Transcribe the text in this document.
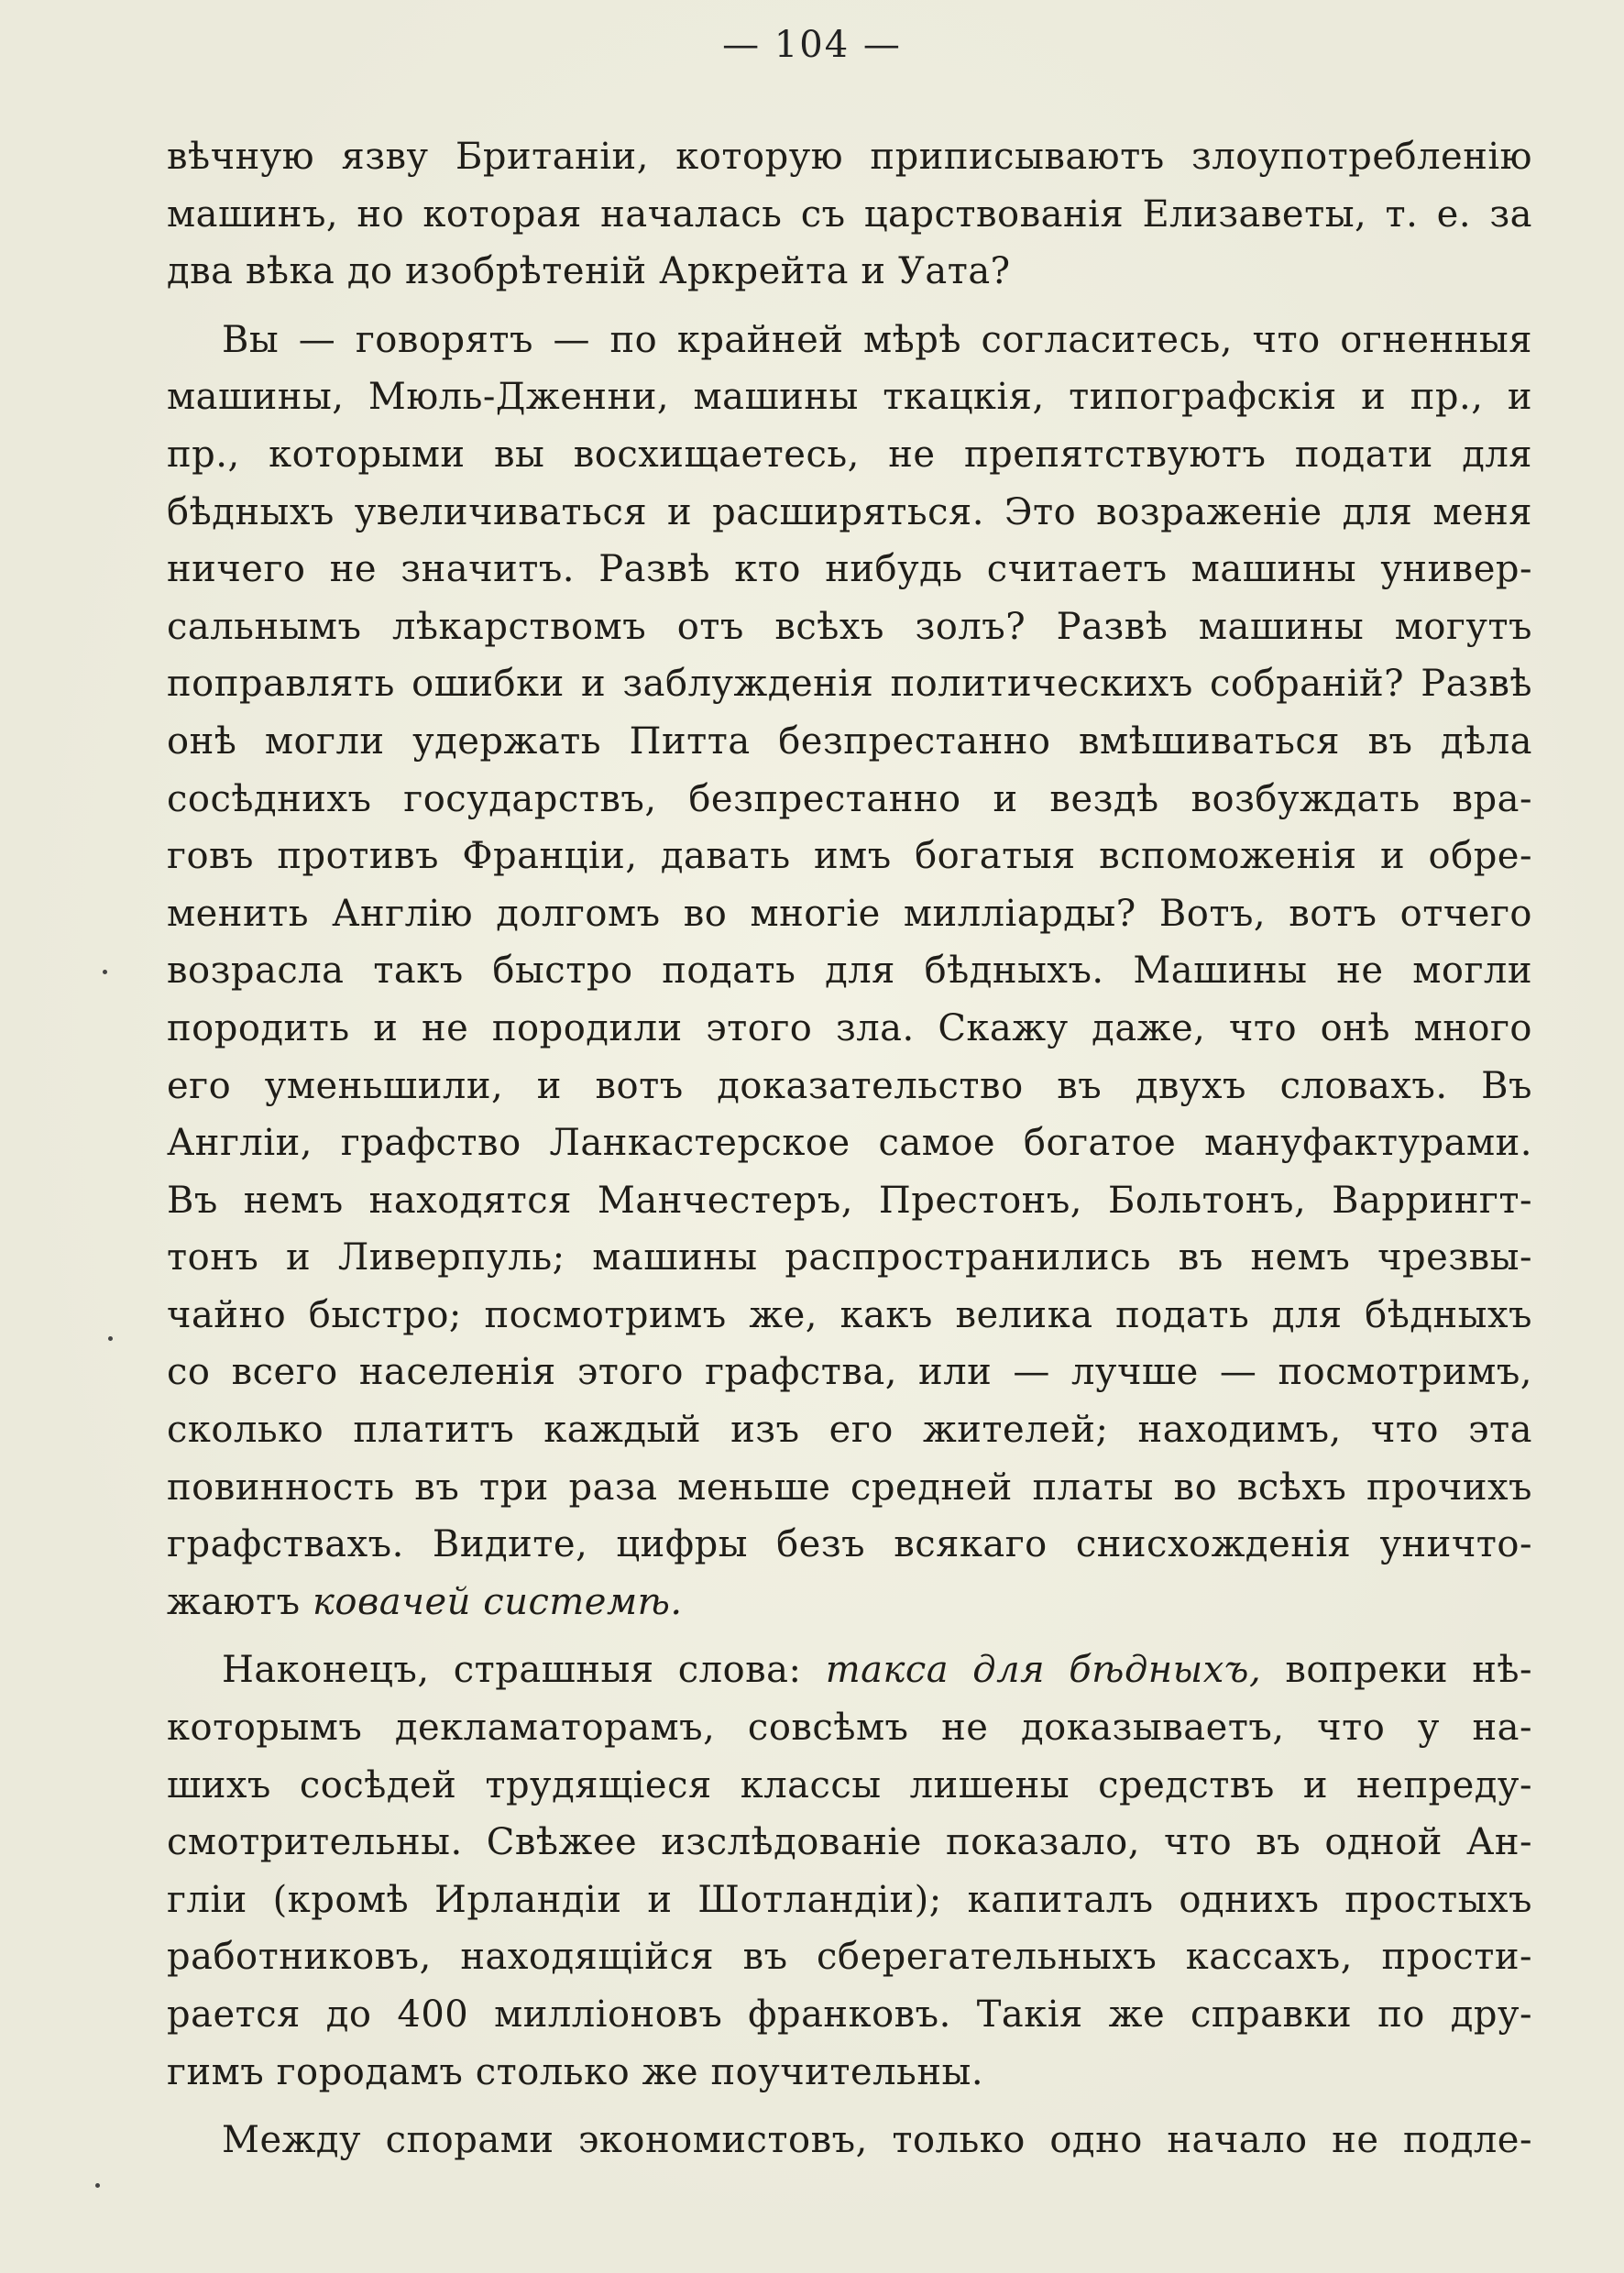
— 104 —
вѣчную язву Британіи, которую приписываютъ злоупотребленію
машинъ, но которая началась съ царствованія Елизаветы, т. е. за
два вѣка до изобрѣтеній Аркрейта и Уата?
Вы — говорятъ — по крайней мѣрѣ согласитесь, что огненныя
машины, Мюль-Дженни, машины ткацкія, типографскія и пр., и
пр., которыми вы восхищаетесь, не препятствуютъ подати для
бѣдныхъ увеличиваться и расширяться. Это возраженіе для меня
ничего не значитъ. Развѣ кто нибудь считаетъ машины универ-
сальнымъ лѣкарствомъ отъ всѣхъ золъ? Развѣ машины могутъ
поправлять ошибки и заблужденія политическихъ собраній? Развѣ
онѣ могли удержать Питта безпрестанно вмѣшиваться въ дѣла
сосѣднихъ государствъ, безпрестанно и вездѣ возбуждать вра-
говъ противъ Франціи, давать имъ богатыя вспоможенія и обре-
менить Англію долгомъ во многіе милліарды? Вотъ, вотъ отчего
возрасла такъ быстро подать для бѣдныхъ. Машины не могли
породить и не породили этого зла. Скажу даже, что онѣ много
его уменьшили, и вотъ доказательство въ двухъ словахъ. Въ
Англіи, графство Ланкастерское самое богатое мануфактурами.
Въ немъ находятся Манчестеръ, Престонъ, Больтонъ, Варрингт-
тонъ и Ливерпуль; машины распространились въ немъ чрезвы-
чайно быстро; посмотримъ же, какъ велика подать для бѣдныхъ
со всего населенія этого графства, или — лучше — посмотримъ,
сколько платитъ каждый изъ его жителей; находимъ, что эта
повинность въ три раза меньше средней платы во всѣхъ прочихъ
графствахъ. Видите, цифры безъ всякаго снисхожденія уничто-
жаютъ ковачей системѣ.
Наконецъ, страшныя слова: такса для бѣдныхъ, вопреки нѣ-
которымъ декламаторамъ, совсѣмъ не доказываетъ, что у на-
шихъ сосѣдей трудящіеся классы лишены средствъ и непреду-
смотрительны. Свѣжее изслѣдованіе показало, что въ одной Ан-
гліи (кромѣ Ирландіи и Шотландіи); капиталъ однихъ простыхъ
работниковъ, находящійся въ сберегательныхъ кассахъ, прости-
рается до 400 милліоновъ франковъ. Такія же справки по дру-
гимъ городамъ столько же поучительны.
Между спорами экономистовъ, только одно начало не подле-
